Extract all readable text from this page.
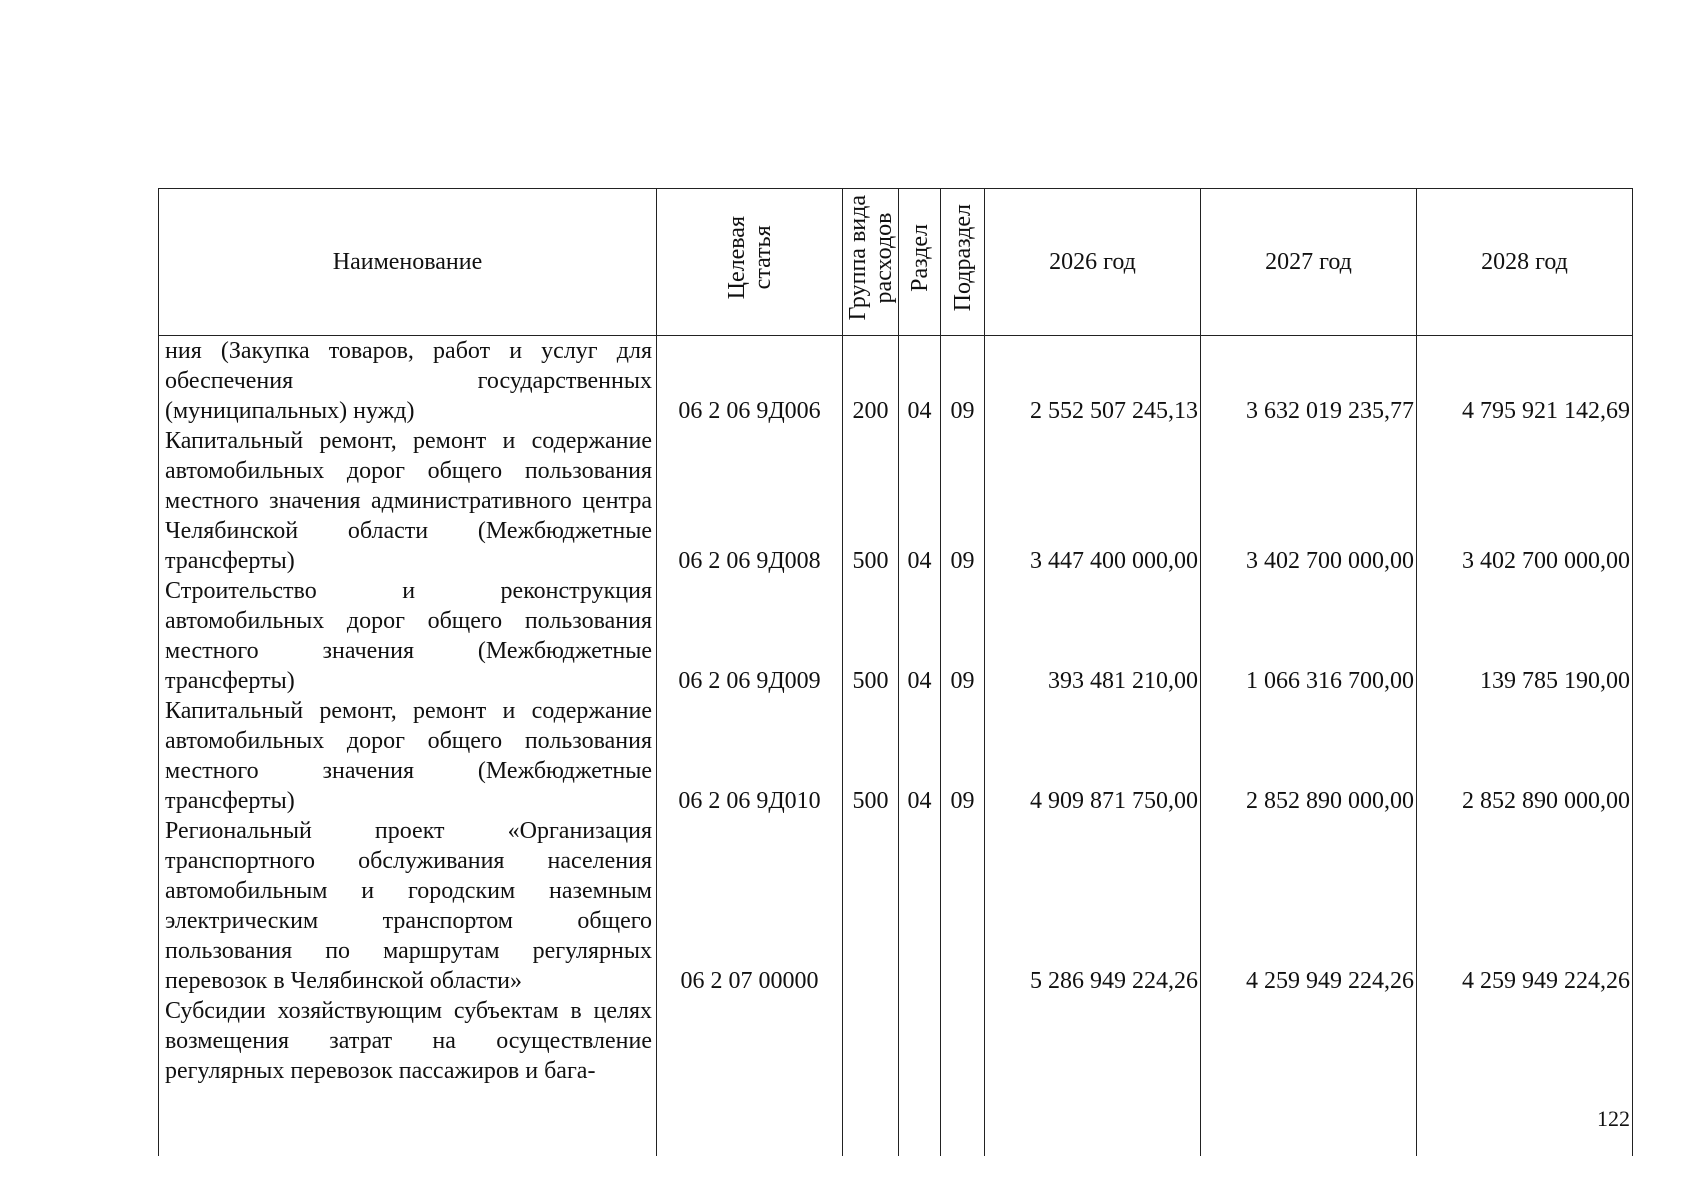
Наименование	Целевая статья	Группа вида расходов	Раздел	Подраздел	2026 год	2027 год	2028 год
ния (Закупка товаров, работ и услуг для обеспечения государственных (муниципальных) нужд)	06 2 06 9Д006	200	04	09	2 552 507 245,13	3 632 019 235,77	4 795 921 142,69
Капитальный ремонт, ремонт и содержание автомобильных дорог общего пользования местного значения административного центра Челябинской области (Межбюджетные трансферты)	06 2 06 9Д008	500	04	09	3 447 400 000,00	3 402 700 000,00	3 402 700 000,00
Строительство и реконструкция автомобильных дорог общего пользования местного значения (Межбюджетные трансферты)	06 2 06 9Д009	500	04	09	393 481 210,00	1 066 316 700,00	139 785 190,00
Капитальный ремонт, ремонт и содержание автомобильных дорог общего пользования местного значения (Межбюджетные трансферты)	06 2 06 9Д010	500	04	09	4 909 871 750,00	2 852 890 000,00	2 852 890 000,00
Региональный проект «Организация транспортного обслуживания населения автомобильным и городским наземным электрическим транспортом общего пользования по маршрутам регулярных перевозок в Челябинской области»	06 2 07 00000				5 286 949 224,26	4 259 949 224,26	4 259 949 224,26
Субсидии хозяйствующим субъектам в целях возмещения затрат на осуществление регулярных перевозок пассажиров и бага-							
122
